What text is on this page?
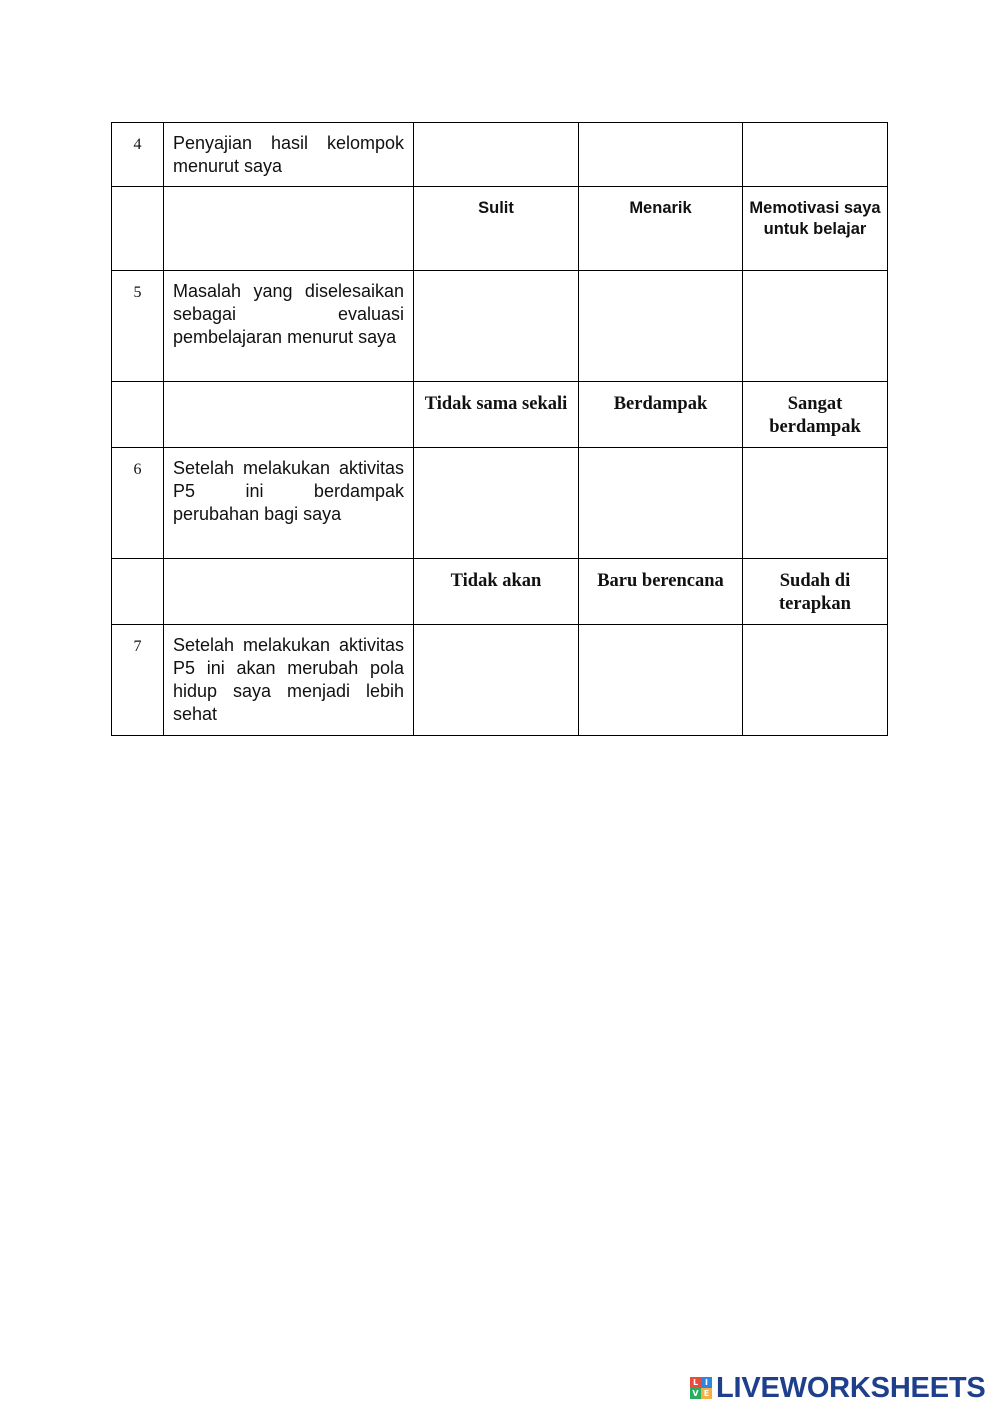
4	Penyajian hasil kelompok menurut saya			
		Sulit	Menarik	Memotivasi saya untuk belajar
5	Masalah yang diselesaikan sebagai evaluasi pembelajaran menurut saya			
		Tidak sama sekali	Berdampak	Sangat berdampak
6	Setelah melakukan aktivitas P5 ini berdampak perubahan bagi saya			
		Tidak akan	Baru berencana	Sudah di terapkan
7	Setelah melakukan aktivitas P5 ini akan merubah pola hidup saya menjadi lebih sehat			
L I
V E LIVEWORKSHEETS
